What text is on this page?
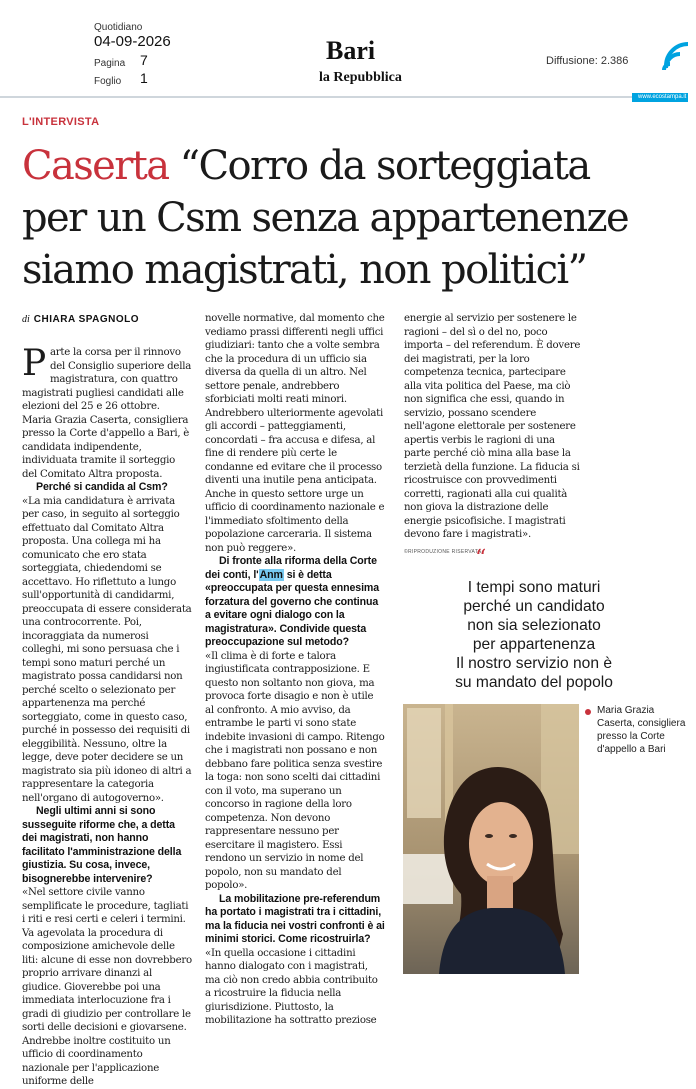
Quotidiano
04-09-2026
Pagina 7
Foglio 1
Bari
la Repubblica
Diffusione: 2.386
www.ecostampa.it
L'INTERVISTA
Caserta “Corro da sorteggiata
per un Csm senza appartenenze
siamo magistrati, non politici”
di CHIARA SPAGNOLO

Parte la corsa per il rinnovo del Consiglio superiore della magistratura, con quattro magistrati pugliesi candidati alle elezioni del 25 e 26 ottobre. Maria Grazia Caserta, consigliera presso la Corte d'appello a Bari, è candidata indipendente, individuata tramite il sorteggio del Comitato Altra proposta.

Perché si candida al Csm?

«La mia candidatura è arrivata per caso, in seguito al sorteggio effettuato dal Comitato Altra proposta. Una collega mi ha comunicato che ero stata sorteggiata, chiedendomi se accettavo. Ho riflettuto a lungo sull'opportunità di candidarmi, preoccupata di essere considerata una controcorrente. Poi, incoraggiata da numerosi colleghi, mi sono persuasa che i tempi sono maturi perché un magistrato possa candidarsi non perché scelto o selezionato per appartenenza ma perché sorteggiato, come in questo caso, purché in possesso dei requisiti di eleggibilità. Nessuno, oltre la legge, deve poter decidere se un magistrato sia più idoneo di altri a rappresentare la categoria nell'organo di autogoverno».

Negli ultimi anni si sono susseguite riforme che, a detta dei magistrati, non hanno facilitato l'amministrazione della giustizia. Su cosa, invece, bisognerebbe intervenire?

«Nel settore civile vanno semplificate le procedure, tagliati i riti e resi certi e celeri i termini. Va agevolata la procedura di composizione amichevole delle liti: alcune di esse non dovrebbero proprio arrivare dinanzi al giudice. Gioverebbe poi una immediata interlocuzione fra i gradi di giudizio per controllare le sorti delle decisioni e giovarsene. Andrebbe inoltre costituito un ufficio di coordinamento nazionale per l'applicazione uniforme delle

novelle normative, dal momento che vediamo prassi differenti negli uffici giudiziari: tanto che a volte sembra che la procedura di un ufficio sia diversa da quella di un altro. Nel settore penale, andrebbero sforbiciati molti reati minori. Andrebbero ulteriormente agevolati gli accordi – patteggiamenti, concordati – fra accusa e difesa, al fine di rendere più certe le condanne ed evitare che il processo diventi una inutile pena anticipata. Anche in questo settore urge un ufficio di coordinamento nazionale e l'immediato sfoltimento della popolazione carceraria. Il sistema non può reggere».

Di fronte alla riforma della Corte dei conti, l'Anm si è detta «preoccupata per questa ennesima forzatura del governo che continua a evitare ogni dialogo con la magistratura». Condivide questa preoccupazione sul metodo?

«Il clima è di forte e talora ingiustificata contrapposizione. E questo non soltanto non giova, ma provoca forte disagio e non è utile al confronto. A mio avviso, da entrambe le parti vi sono state indebite invasioni di campo. Ritengo che i magistrati non possano e non debbano fare politica senza svestire la toga: non sono scelti dai cittadini con il voto, ma superano un concorso in ragione della loro competenza. Non devono rappresentare nessuno per esercitare il magistero. Essi rendono un servizio in nome del popolo, non su mandato del popolo».

La mobilitazione pre-referendum ha portato i magistrati tra i cittadini, ma la fiducia nei vostri confronti è ai minimi storici. Come ricostruirla?

«In quella occasione i cittadini hanno dialogato con i magistrati, ma ciò non credo abbia contribuito a ricostruire la fiducia nella giurisdizione. Piuttosto, la mobilitazione ha sottratto preziose

energie al servizio per sostenere le ragioni – del sì o del no, poco importa – del referendum. È dovere dei magistrati, per la loro competenza tecnica, partecipare alla vita politica del Paese, ma ciò non significa che essi, quando in servizio, possano scendere nell'agone elettorale per sostenere apertis verbis le ragioni di una parte perché ciò mina alla base la terzietà della funzione. La fiducia si ricostruisce con provvedimenti corretti, ragionati alla cui qualità non giova la distrazione delle energie psicofisiche. I magistrati devono fare i magistrati».

©RIPRODUZIONE RISERVATA
“
I tempi sono maturi
perché un candidato
non sia selezionato
per appartenenza
Il nostro servizio non è
su mandato del popolo
Maria Grazia Caserta, consigliera presso la Corte d'appello a Bari
